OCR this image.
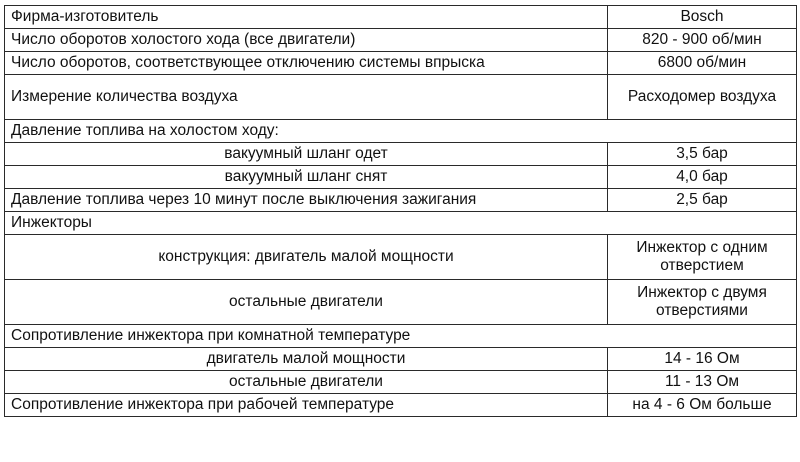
Фирма-изготовитель	Bosch
Число оборотов холостого хода (все двигатели)	820 - 900 об/мин
Число оборотов, соответствующее отключению системы впрыска	6800 об/мин
Измерение количества воздуха	Расходомер воздуха
Давление топлива на холостом ходу:	
вакуумный шланг одет	3,5 бар
вакуумный шланг снят	4,0 бар
Давление топлива через 10 минут после выключения зажигания	2,5 бар
Инжекторы	
конструкция: двигатель малой мощности	Инжектор с одним отверстием
остальные двигатели	Инжектор с двумя отверстиями
Сопротивление инжектора при комнатной температуре	
двигатель малой мощности	14 - 16 Ом
остальные двигатели	11 - 13 Ом
Сопротивление инжектора при рабочей температуре	на 4 - 6 Ом больше
